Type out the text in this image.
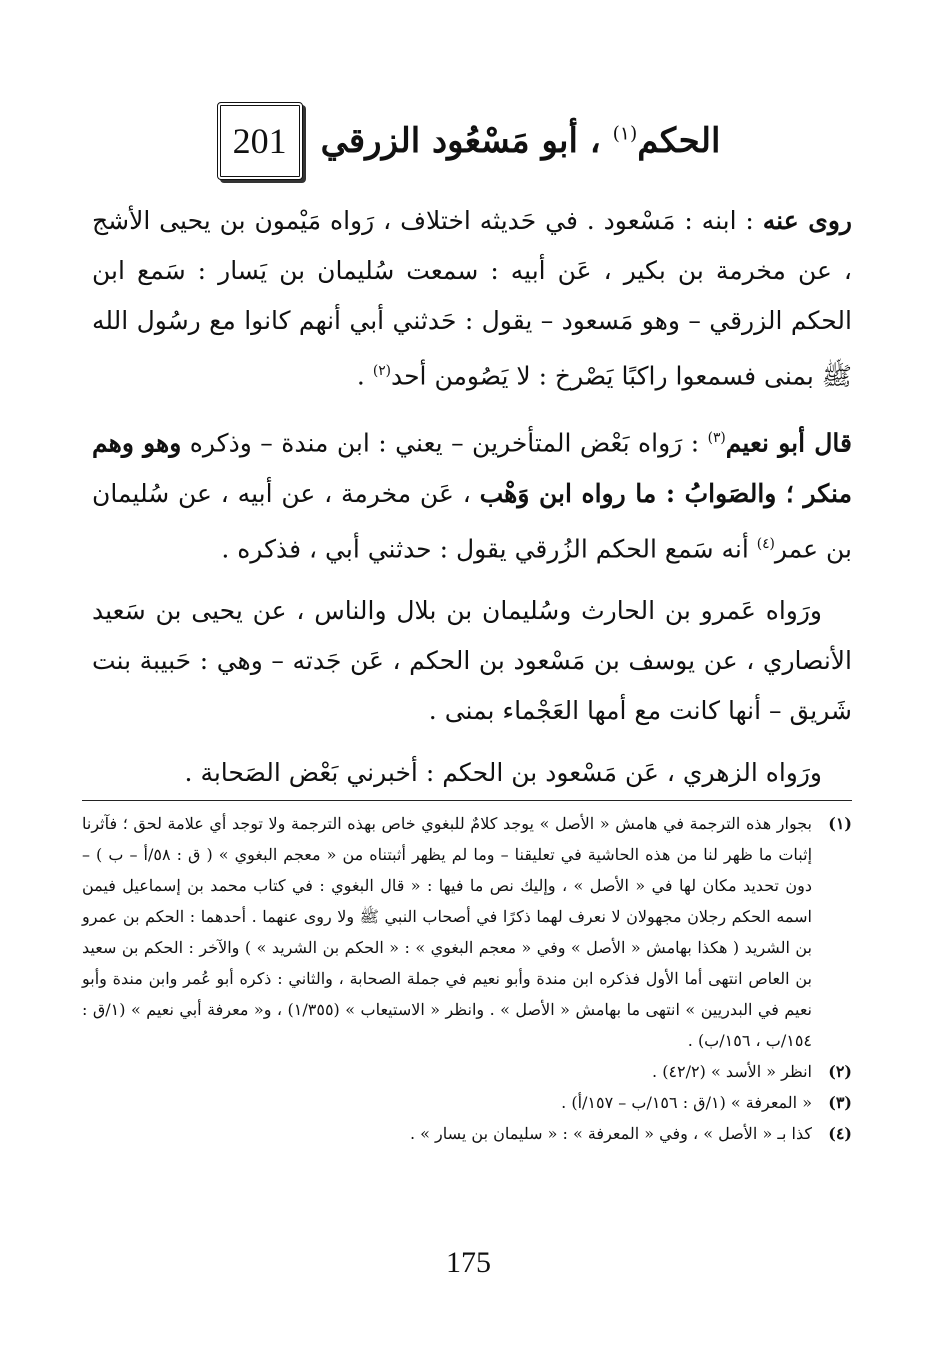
الحكم$^{(١)}$ ، أبو مَسْعُود الزرقي
201

روى عنه : ابنه : مَسْعود . في حَديثه اختلاف ، رَواه مَيْمون بن يحيى الأشج ، عن مخرمة بن بكير ، عَن أبيه : سمعت سُليمان بن يَسار : سَمع ابن الحكم الزرقي – وهو مَسعود – يقول : حَدثني أبي أنهم كانوا مع رسُول الله ﷺ بمنى فسمعوا راكبًا يَصْرخ : لا يَصُومن أحد$^{(٢)}$ .

قال أبو نعيم$^{(٣)}$ : رَواه بَعْض المتأخرين – يعني : ابن مندة – وذكره وهو وهم منكر ؛ والصَوابُ : ما رواه ابن وَهْب ، عَن مخرمة ، عن أبيه ، عن سُليمان بن عمر$^{(٤)}$ أنه سَمع الحكم الزُرقي يقول : حدثني أبي ، فذكره .

ورَواه عَمرو بن الحارث وسُليمان بن بلال والناس ، عن يحيى بن سَعيد الأنصاري ، عن يوسف بن مَسْعود بن الحكم ، عَن جَدته – وهي : حَبيبة بنت شَريق – أنها كانت مع أمها العَجْماء بمنى .

ورَواه الزهري ، عَن مَسْعود بن الحكم : أخبرني بَعْض الصَحابة .

(١)
بجوار هذه الترجمة في هامش « الأصل » يوجد كلامٌ للبغوي خاص بهذه الترجمة ولا توجد أي علامة لحق ؛ فآثرنا إثبات ما ظهر لنا من هذه الحاشية في تعليقنا – وما لم يظهر أثبتناه من « معجم البغوي » ( ق : ٥٨/أ – ب ) – دون تحديد مكان لها في « الأصل » ، وإليك نص ما فيها : « قال البغوي : في كتاب محمد بن إسماعيل فيمن اسمه الحكم رجلان مجهولان لا نعرف لهما ذكرًا في أصحاب النبي ﷺ ولا روى عنهما . أحدهما : الحكم بن عمرو بن الشريد ( هكذا بهامش « الأصل » وفي « معجم البغوي » : « الحكم بن الشريد » ) والآخر : الحكم بن سعيد بن العاص انتهى أما الأول فذكره ابن مندة وأبو نعيم في جملة الصحابة ، والثاني : ذكره أبو عُمر وابن مندة وأبو نعيم في البدريين » انتهى ما بهامش « الأصل » . وانظر « الاستيعاب » (١/٣٥٥) ، و« معرفة أبي نعيم » (١/ق : ١٥٤/ب ، ١٥٦/ب) .
(٢)
انظر « الأسد » (٤٢/٢) .
(٣)
« المعرفة » (١/ق : ١٥٦/ب – ١٥٧/أ) .
(٤)
كذا بـ « الأصل » ، وفي « المعرفة » : « سليمان بن يسار » .
175
